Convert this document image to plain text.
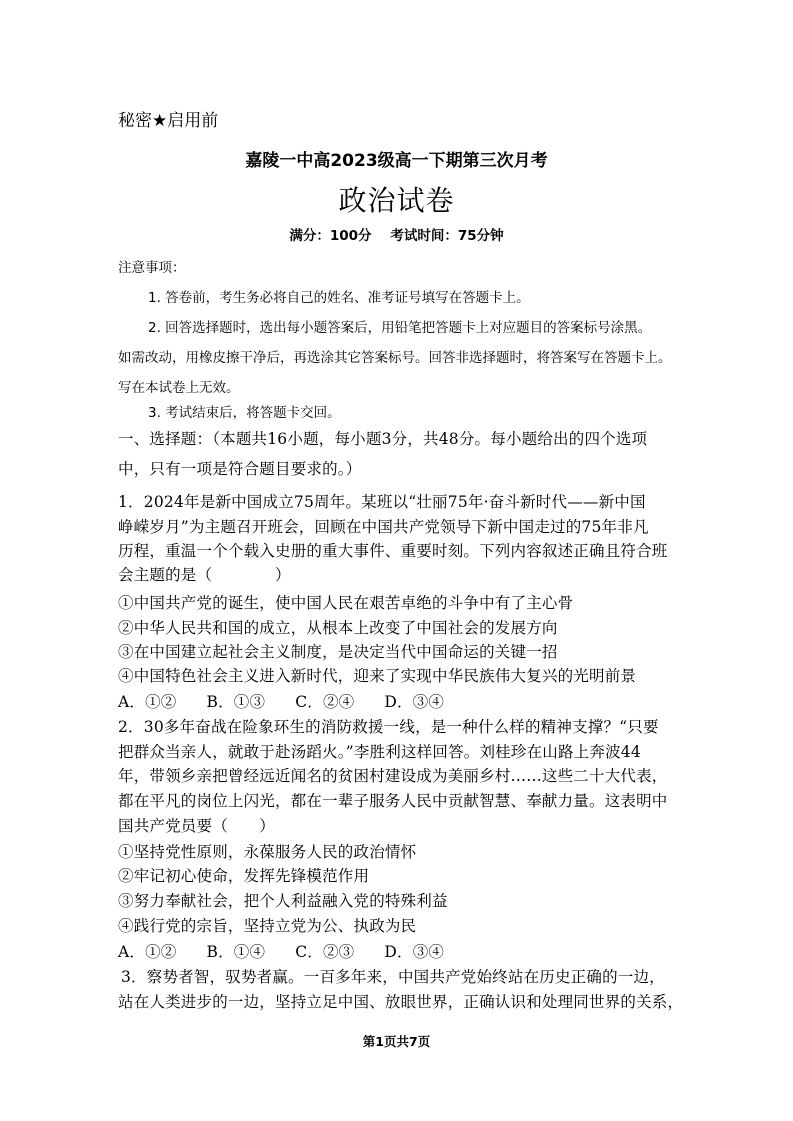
秘密★启用前
嘉陵一中高2023级高一下期第三次月考
政治试卷
满分：100分    考试时间：75分钟
注意事项：
1. 答卷前，考生务必将自己的姓名、准考证号填写在答题卡上。
2. 回答选择题时，选出每小题答案后，用铅笔把答题卡上对应题目的答案标号涂黑。
如需改动，用橡皮擦干净后，再选涂其它答案标号。回答非选择题时，将答案写在答题卡上。
写在本试卷上无效。
3. 考试结束后，将答题卡交回。
一、选择题：（本题共16小题，每小题3分，共48分。每小题给出的四个选项
中，只有一项是符合题目要求的。）
1．2024年是新中国成立75周年。某班以“壮丽75年·奋斗新时代——新中国
峥嵘岁月”为主题召开班会，回顾在中国共产党领导下新中国走过的75年非凡
历程，重温一个个载入史册的重大事件、重要时刻。下列内容叙述正确且符合班
会主题的是（　　　　）
①中国共产党的诞生，使中国人民在艰苦卓绝的斗争中有了主心骨
②中华人民共和国的成立，从根本上改变了中国社会的发展方向
③在中国建立起社会主义制度，是决定当代中国命运的关键一招
④中国特色社会主义进入新时代，迎来了实现中华民族伟大复兴的光明前景
A．①② B．①③ C．②④ D．③④
2．30多年奋战在险象环生的消防救援一线，是一种什么样的精神支撑？“只要
把群众当亲人，就敢于赴汤蹈火。”李胜利这样回答。刘桂珍在山路上奔波44
年，带领乡亲把曾经远近闻名的贫困村建设成为美丽乡村……这些二十大代表，
都在平凡的岗位上闪光，都在一辈子服务人民中贡献智慧、奉献力量。这表明中
国共产党员要（　　）
①坚持党性原则，永葆服务人民的政治情怀
②牢记初心使命，发挥先锋模范作用
③努力奉献社会，把个人利益融入党的特殊利益
④践行党的宗旨，坚持立党为公、执政为民
A．①② B．①④ C．②③ D．③④
3．察势者智，驭势者赢。一百多年来，中国共产党始终站在历史正确的一边，
站在人类进步的一边，坚持立足中国、放眼世界，正确认识和处理同世界的关系，
第1页共7页
